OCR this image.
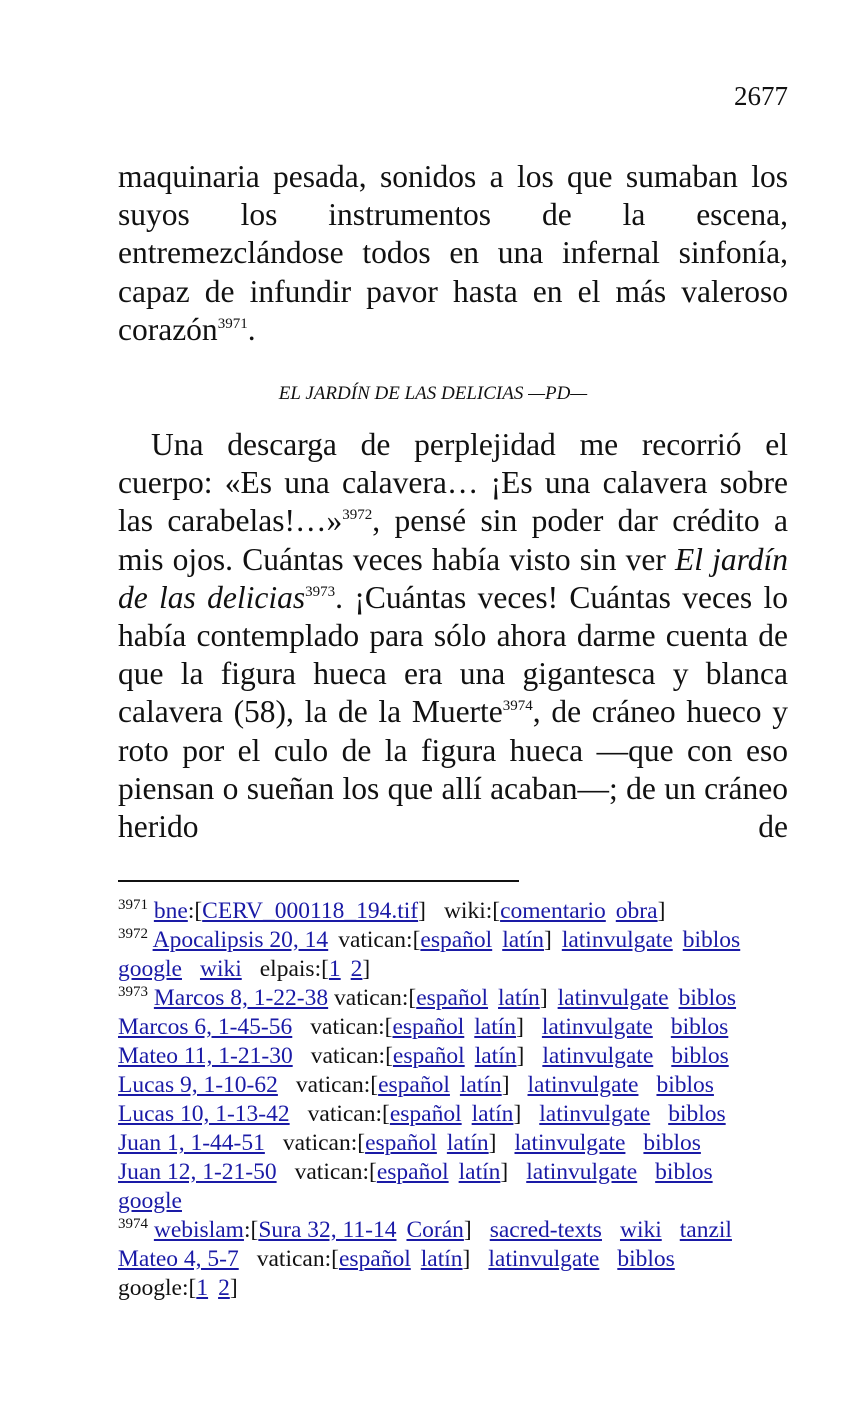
2677

maquinaria pesada, sonidos a los que sumaban los suyos los instrumentos de la escena, entremezclándose todos en una infernal sinfonía, capaz de infundir pavor hasta en el más valeroso corazón$^{3971}$.

EL JARDÍN DE LAS DELICIAS —PD—

Una descarga de perplejidad me recorrió el cuerpo: «Es una calavera… ¡Es una calavera sobre las carabelas!…»$^{3972}$, pensé sin poder dar crédito a mis ojos. Cuántas veces había visto sin ver El jardín de las delicias$^{3973}$. ¡Cuántas veces! Cuántas veces lo había contemplado para sólo ahora darme cuenta de que la figura hueca era una gigantesca y blanca calavera (58), la de la Muerte$^{3974}$, de cráneo hueco y roto por el culo de la figura hueca —que con eso piensan o sueñan los que allí acaban—; de un cráneo herido de

$^{3971}$ bne:[CERV_000118_194.tif] wiki:[comentario obra]
$^{3972}$ Apocalipsis 20, 14 vatican:[español latín] latinvulgate biblos
google wiki elpais:[1 2]
$^{3973}$ Marcos 8, 1-22-38 vatican:[español latín] latinvulgate biblos
Marcos 6, 1-45-56 vatican:[español latín] latinvulgate biblos
Mateo 11, 1-21-30 vatican:[español latín] latinvulgate biblos
Lucas 9, 1-10-62 vatican:[español latín] latinvulgate biblos
Lucas 10, 1-13-42 vatican:[español latín] latinvulgate biblos
Juan 1, 1-44-51 vatican:[español latín] latinvulgate biblos
Juan 12, 1-21-50 vatican:[español latín] latinvulgate biblos
google
$^{3974}$ webislam:[Sura 32, 11-14 Corán] sacred-texts wiki tanzil
Mateo 4, 5-7 vatican:[español latín] latinvulgate biblos
google:[1 2]
